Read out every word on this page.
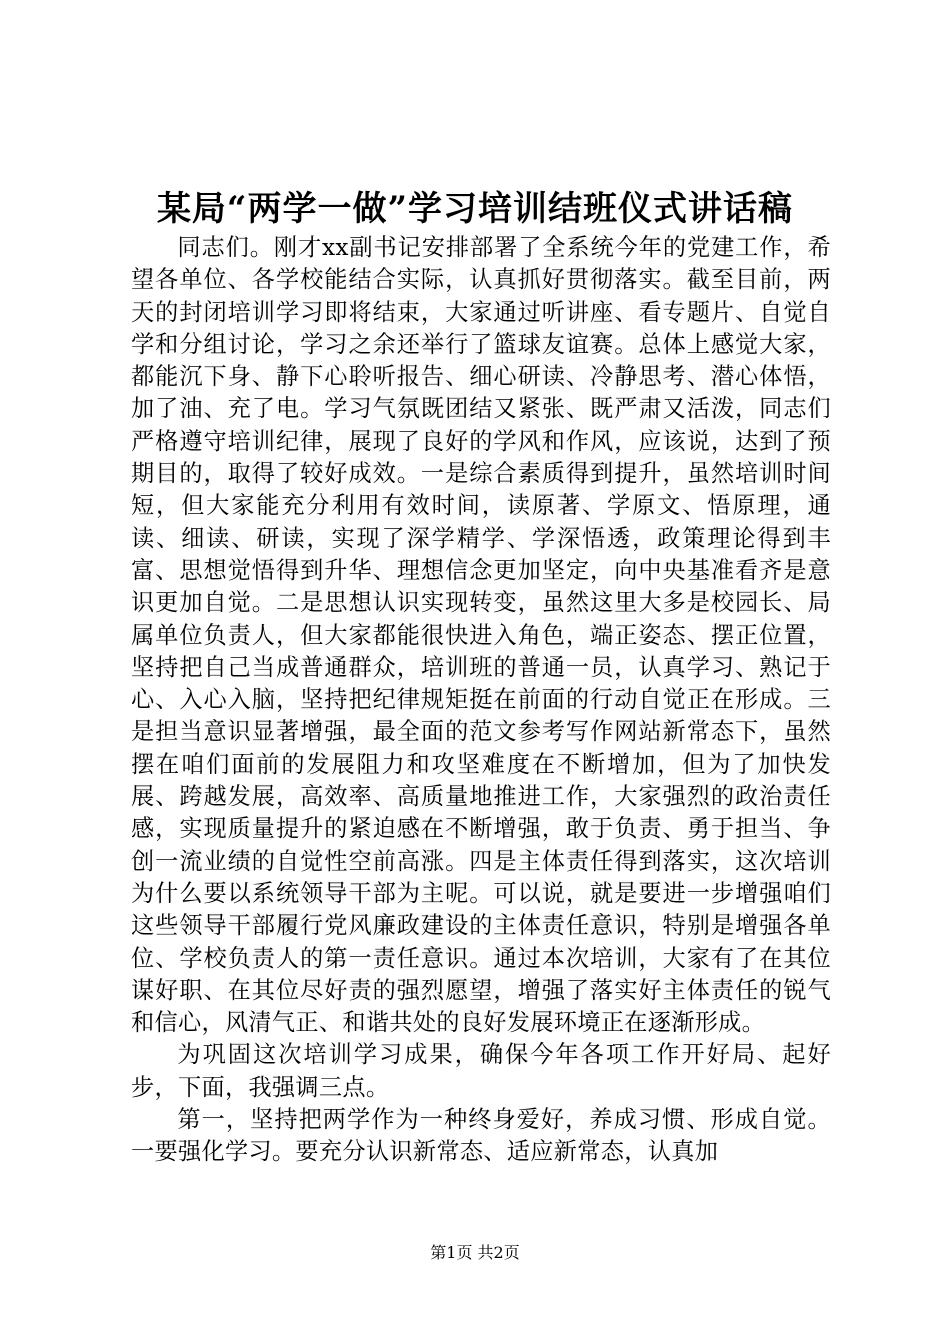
某局“两学一做”学习培训结班仪式讲话稿

同志们。刚才xx副书记安排部署了全系统今年的党建工作，希望各单位、各学校能结合实际，认真抓好贯彻落实。截至目前，两天的封闭培训学习即将结束，大家通过听讲座、看专题片、自觉自学和分组讨论，学习之余还举行了篮球友谊赛。总体上感觉大家，都能沉下身、静下心聆听报告、细心研读、冷静思考、潜心体悟，加了油、充了电。学习气氛既团结又紧张、既严肃又活泼，同志们严格遵守培训纪律，展现了良好的学风和作风，应该说，达到了预期目的，取得了较好成效。一是综合素质得到提升，虽然培训时间短，但大家能充分利用有效时间，读原著、学原文、悟原理，通读、细读、研读，实现了深学精学、学深悟透，政策理论得到丰富、思想觉悟得到升华、理想信念更加坚定，向中央基准看齐是意识更加自觉。二是思想认识实现转变，虽然这里大多是校园长、局属单位负责人，但大家都能很快进入角色，端正姿态、摆正位置，坚持把自己当成普通群众，培训班的普通一员，认真学习、熟记于心、入心入脑，坚持把纪律规矩挺在前面的行动自觉正在形成。三是担当意识显著增强，最全面的范文参考写作网站新常态下，虽然摆在咱们面前的发展阻力和攻坚难度在不断增加，但为了加快发展、跨越发展，高效率、高质量地推进工作，大家强烈的政治责任感，实现质量提升的紧迫感在不断增强，敢于负责、勇于担当、争创一流业绩的自觉性空前高涨。四是主体责任得到落实，这次培训为什么要以系统领导干部为主呢。可以说，就是要进一步增强咱们这些领导干部履行党风廉政建设的主体责任意识，特别是增强各单位、学校负责人的第一责任意识。通过本次培训，大家有了在其位谋好职、在其位尽好责的强烈愿望，增强了落实好主体责任的锐气和信心，风清气正、和谐共处的良好发展环境正在逐渐形成。

为巩固这次培训学习成果，确保今年各项工作开好局、起好步，下面，我强调三点。

第一，坚持把两学作为一种终身爱好，养成习惯、形成自觉。一要强化学习。要充分认识新常态、适应新常态，认真加

第1页 共2页
